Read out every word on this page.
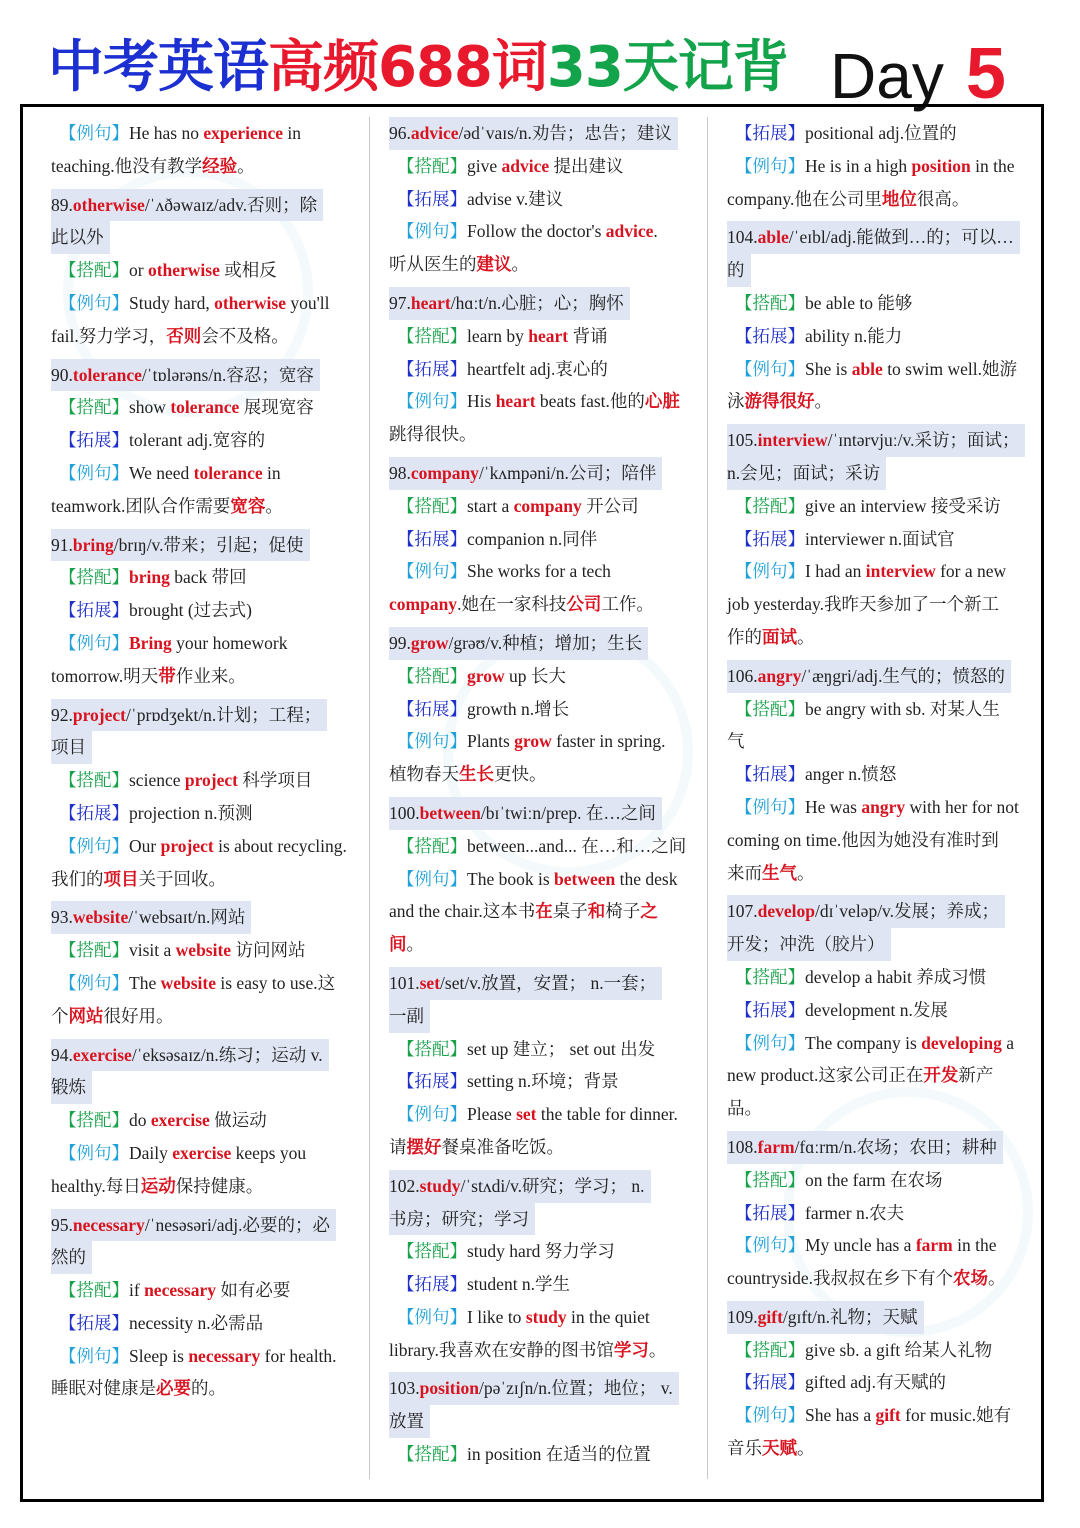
中考英语高频688词33天记背 Day 5
【例句】He has no experience in
teaching.他没有教学经验。
89.otherwise/ˈʌðəwaɪz/adv.否则；除
此以外
【搭配】or otherwise 或相反
【例句】Study hard, otherwise you'll
fail.努力学习，否则会不及格。
90.tolerance/ˈtɒlərəns/n.容忍；宽容
【搭配】show tolerance 展现宽容
【拓展】tolerant adj.宽容的
【例句】We need tolerance in
teamwork.团队合作需要宽容。
91.bring/brɪŋ/v.带来；引起；促使
【搭配】bring back 带回
【拓展】brought (过去式)
【例句】Bring your homework
tomorrow.明天带作业来。
92.project/ˈprɒdʒekt/n.计划；工程；
项目
【搭配】science project 科学项目
【拓展】projection n.预测
【例句】Our project is about recycling.
我们的项目关于回收。
93.website/ˈwebsaɪt/n.网站
【搭配】visit a website 访问网站
【例句】The website is easy to use.这
个网站很好用。
94.exercise/ˈeksəsaɪz/n.练习；运动 v.
锻炼
【搭配】do exercise 做运动
【例句】Daily exercise keeps you
healthy.每日运动保持健康。
95.necessary/ˈnesəsəri/adj.必要的；必
然的
【搭配】if necessary 如有必要
【拓展】necessity n.必需品
【例句】Sleep is necessary for health.
睡眠对健康是必要的。
96.advice/ədˈvaɪs/n.劝告；忠告；建议
【搭配】give advice 提出建议
【拓展】advise v.建议
【例句】Follow the doctor's advice.
听从医生的建议。
97.heart/hɑːt/n.心脏；心；胸怀
【搭配】learn by heart 背诵
【拓展】heartfelt adj.衷心的
【例句】His heart beats fast.他的心脏
跳得很快。
98.company/ˈkʌmpəni/n.公司；陪伴
【搭配】start a company 开公司
【拓展】companion n.同伴
【例句】She works for a tech
company.她在一家科技公司工作。
99.grow/grəʊ/v.种植；增加；生长
【搭配】grow up 长大
【拓展】growth n.增长
【例句】Plants grow faster in spring.
植物春天生长更快。
100.between/bɪˈtwiːn/prep. 在…之间
【搭配】between...and... 在…和…之间
【例句】The book is between the desk
and the chair.这本书在桌子和椅子之
间。
101.set/set/v.放置，安置； n.一套；
一副
【搭配】set up 建立； set out 出发
【拓展】setting n.环境；背景
【例句】Please set the table for dinner.
请摆好餐桌准备吃饭。
102.study/ˈstʌdi/v.研究；学习； n.
书房；研究；学习
【搭配】study hard 努力学习
【拓展】student n.学生
【例句】I like to study in the quiet
library.我喜欢在安静的图书馆学习。
103.position/pəˈzɪʃn/n.位置；地位； v.
放置
【搭配】in position 在适当的位置
【拓展】positional adj.位置的
【例句】He is in a high position in the
company.他在公司里地位很高。
104.able/ˈeɪbl/adj.能做到…的；可以…
的
【搭配】be able to 能够
【拓展】ability n.能力
【例句】She is able to swim well.她游
泳游得很好。
105.interview/ˈɪntərvjuː/v.采访；面试；
n.会见；面试；采访
【搭配】give an interview 接受采访
【拓展】interviewer n.面试官
【例句】I had an interview for a new
job yesterday.我昨天参加了一个新工
作的面试。
106.angry/ˈæŋgri/adj.生气的；愤怒的
【搭配】be angry with sb. 对某人生
气
【拓展】anger n.愤怒
【例句】He was angry with her for not
coming on time.他因为她没有准时到
来而生气。
107.develop/dɪˈveləp/v.发展；养成；
开发；冲洗（胶片）
【搭配】develop a habit 养成习惯
【拓展】development n.发展
【例句】The company is developing a
new product.这家公司正在开发新产
品。
108.farm/fɑːrm/n.农场；农田；耕种
【搭配】on the farm 在农场
【拓展】farmer n.农夫
【例句】My uncle has a farm in the
countryside.我叔叔在乡下有个农场。
109.gift/gɪft/n.礼物；天赋
【搭配】give sb. a gift 给某人礼物
【拓展】gifted adj.有天赋的
【例句】She has a gift for music.她有
音乐天赋。
